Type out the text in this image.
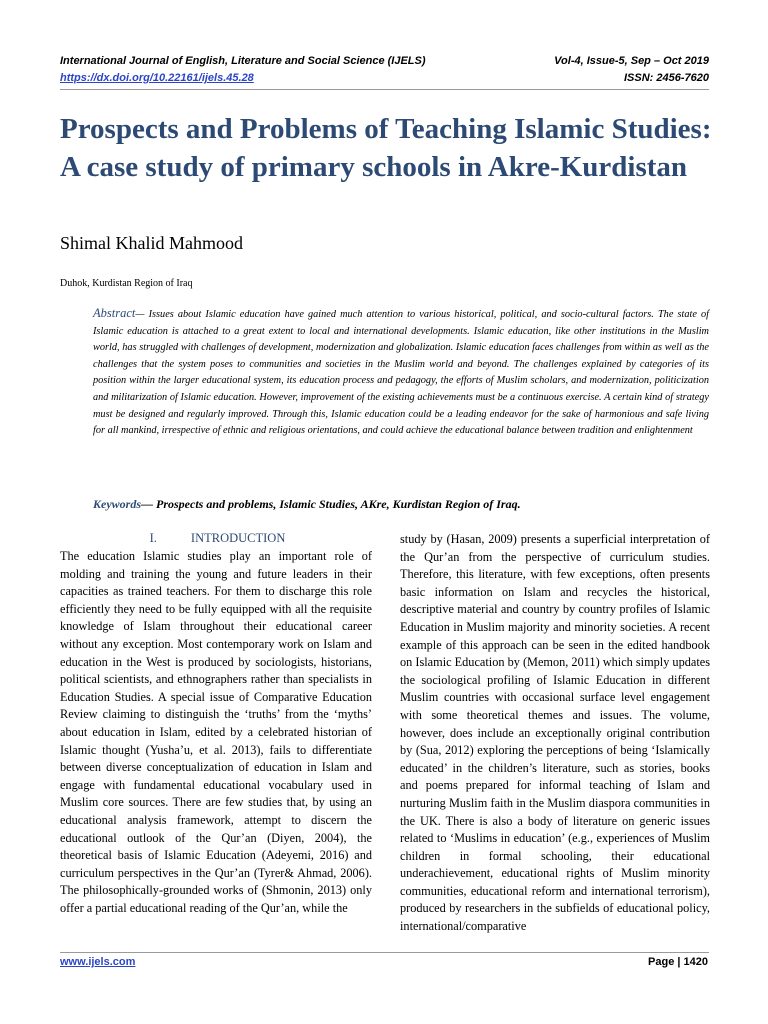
International Journal of English, Literature and Social Science (IJELS)	Vol-4, Issue-5, Sep – Oct 2019
https://dx.doi.org/10.22161/ijels.45.28	ISSN: 2456-7620
Prospects and Problems of Teaching Islamic Studies: A case study of primary schools in Akre-Kurdistan
Shimal Khalid Mahmood
Duhok, Kurdistan Region of Iraq

Abstract— Issues about Islamic education have gained much attention to various historical, political, and socio-cultural factors. The state of Islamic education is attached to a great extent to local and international developments. Islamic education, like other institutions in the Muslim world, has struggled with challenges of development, modernization and globalization. Islamic education faces challenges from within as well as the challenges that the system poses to communities and societies in the Muslim world and beyond. The challenges explained by categories of its position within the larger educational system, its education process and pedagogy, the efforts of Muslim scholars, and modernization, politicization and militarization of Islamic education. However, improvement of the existing achievements must be a continuous exercise. A certain kind of strategy must be designed and regularly improved. Through this, Islamic education could be a leading endeavor for the sake of harmonious and safe living for all mankind, irrespective of ethnic and religious orientations, and could achieve the educational balance between tradition and enlightenment

Keywords— Prospects and problems, Islamic Studies, AKre, Kurdistan Region of Iraq.

I.	INTRODUCTION

The education Islamic studies play an important role of molding and training the young and future leaders in their capacities as trained teachers. For them to discharge this role efficiently they need to be fully equipped with all the requisite knowledge of Islam throughout their educational career without any exception. Most contemporary work on Islam and education in the West is produced by sociologists, historians, political scientists, and ethnographers rather than specialists in Education Studies. A special issue of Comparative Education Review claiming to distinguish the ‘truths’ from the ‘myths’ about education in Islam, edited by a celebrated historian of Islamic thought (Yusha’u, et al. 2013), fails to differentiate between diverse conceptualization of education in Islam and engage with fundamental educational vocabulary used in Muslim core sources. There are few studies that, by using an educational analysis framework, attempt to discern the educational outlook of the Qur’an (Diyen, 2004), the theoretical basis of Islamic Education (Adeyemi, 2016) and curriculum perspectives in the Qur’an (Tyrer& Ahmad, 2006). The philosophically-grounded works of (Shmonin, 2013) only offer a partial educational reading of the Qur’an, while the

study by (Hasan, 2009) presents a superficial interpretation of the Qur’an from the perspective of curriculum studies. Therefore, this literature, with few exceptions, often presents basic information on Islam and recycles the historical, descriptive material and country by country profiles of Islamic Education in Muslim majority and minority societies. A recent example of this approach can be seen in the edited handbook on Islamic Education by (Memon, 2011) which simply updates the sociological profiling of Islamic Education in different Muslim countries with occasional surface level engagement with some theoretical themes and issues. The volume, however, does include an exceptionally original contribution by (Sua, 2012) exploring the perceptions of being ‘Islamically educated’ in the children’s literature, such as stories, books and poems prepared for informal teaching of Islam and nurturing Muslim faith in the Muslim diaspora communities in the UK. There is also a body of literature on generic issues related to ‘Muslims in education’ (e.g., experiences of Muslim children in formal schooling, their educational underachievement, educational rights of Muslim minority communities, educational reform and international terrorism), produced by researchers in the subfields of educational policy, international/comparative

www.ijels.com	Page | 1420
